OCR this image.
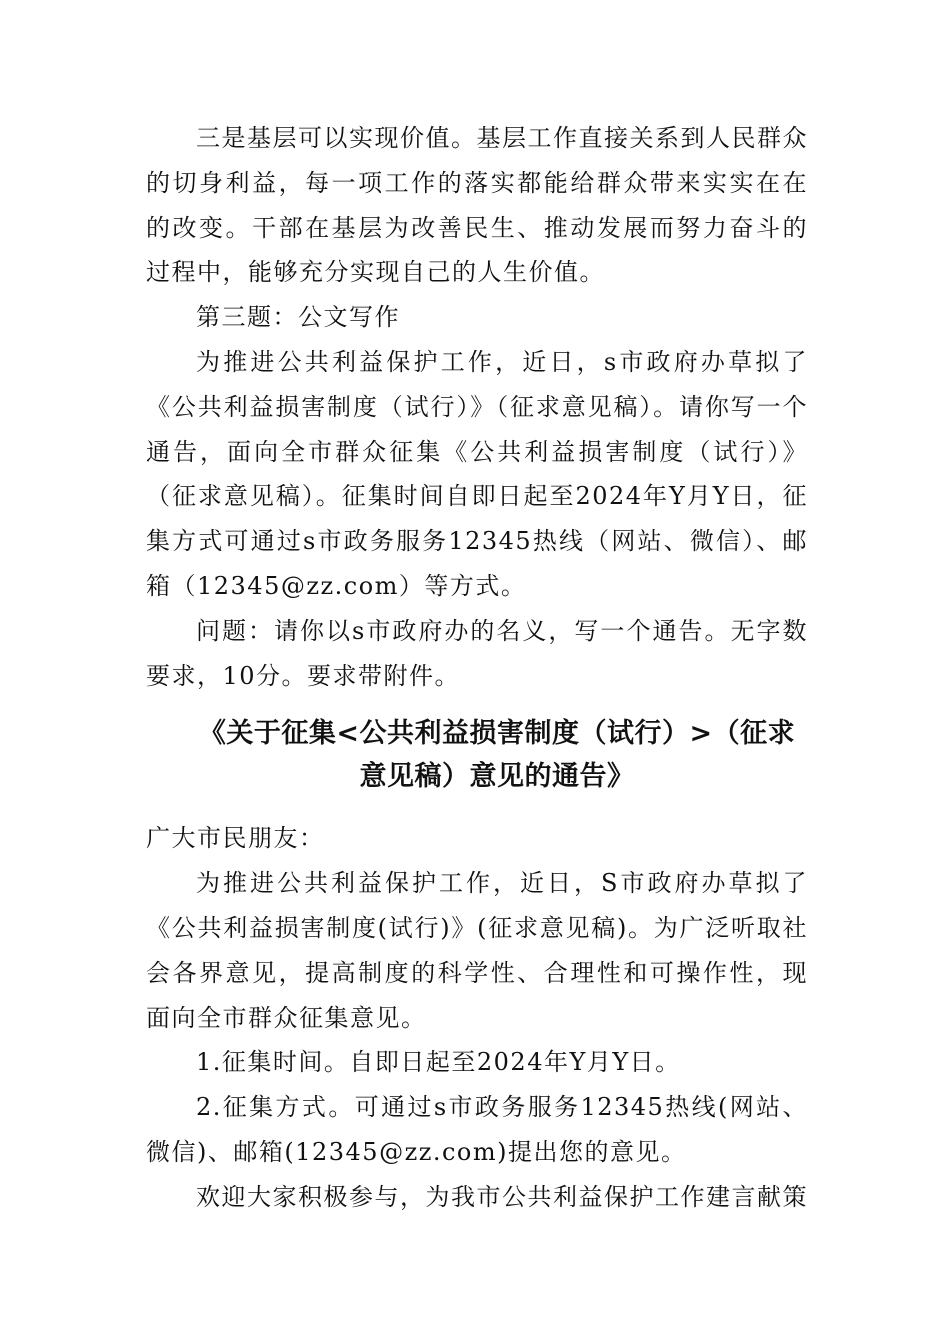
三是基层可以实现价值。基层工作直接关系到人民群众的切身利益，每一项工作的落实都能给群众带来实实在在的改变。干部在基层为改善民生、推动发展而努力奋斗的过程中，能够充分实现自己的人生价值。

第三题：公文写作

为推进公共利益保护工作，近日，s市政府办草拟了《公共利益损害制度（试行）》（征求意见稿）。请你写一个通告，面向全市群众征集《公共利益损害制度（试行）》（征求意见稿）。征集时间自即日起至2024年Y月Y日，征集方式可通过s市政务服务12345热线（网站、微信）、邮箱（12345@zz.com）等方式。

问题：请你以s市政府办的名义，写一个通告。无字数要求，10分。要求带附件。

《关于征集<公共利益损害制度（试行）>（征求意见稿）意见的通告》

广大市民朋友：

为推进公共利益保护工作，近日，S市政府办草拟了《公共利益损害制度(试行)》(征求意见稿)。为广泛听取社会各界意见，提高制度的科学性、合理性和可操作性，现面向全市群众征集意见。

1.征集时间。自即日起至2024年Y月Y日。

2.征集方式。可通过s市政务服务12345热线(网站、微信)、邮箱(12345@zz.com)提出您的意见。

欢迎大家积极参与，为我市公共利益保护工作建言献策
